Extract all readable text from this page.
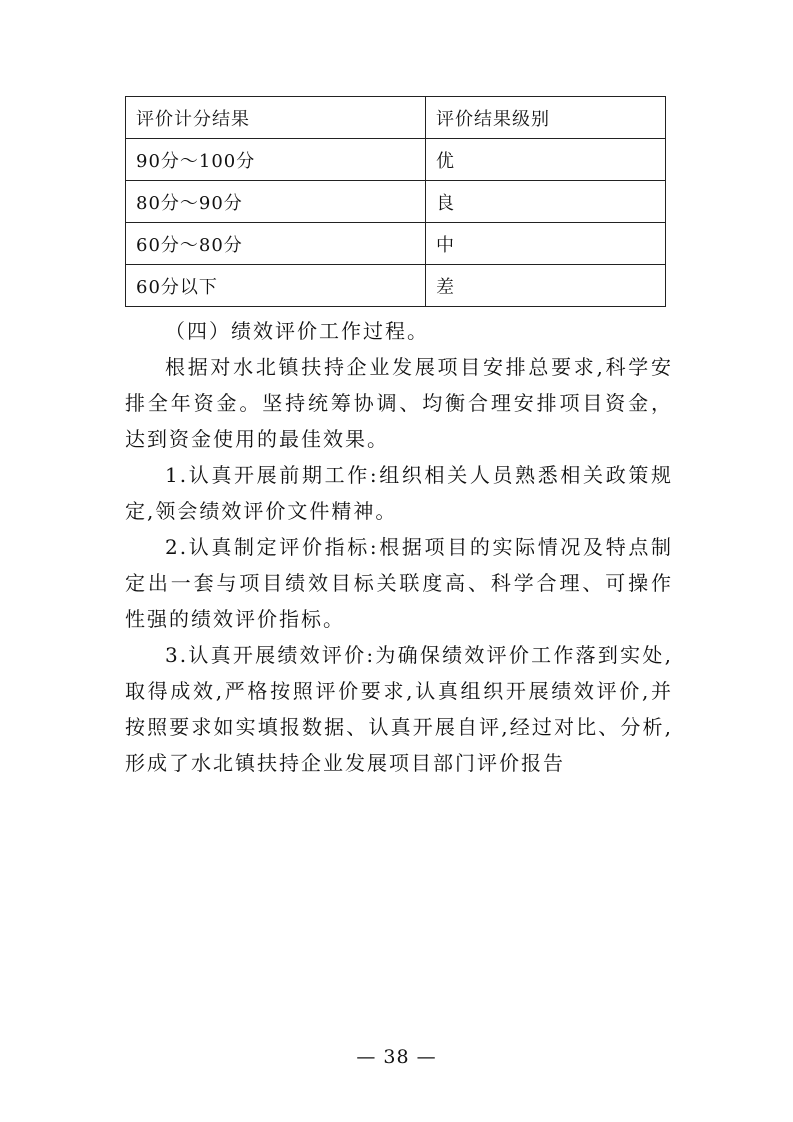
评价计分结果	评价结果级别
90分～100分	优
80分～90分	良
60分～80分	中
60分以下	差

（四）绩效评价工作过程。

根据对水北镇扶持企业发展项目安排总要求,科学安排全年资金。坚持统筹协调、均衡合理安排项目资金，达到资金使用的最佳效果。

1.认真开展前期工作:组织相关人员熟悉相关政策规定,领会绩效评价文件精神。

2.认真制定评价指标:根据项目的实际情况及特点制定出一套与项目绩效目标关联度高、科学合理、可操作性强的绩效评价指标。

3.认真开展绩效评价:为确保绩效评价工作落到实处,取得成效,严格按照评价要求,认真组织开展绩效评价,并按照要求如实填报数据、认真开展自评,经过对比、分析,形成了水北镇扶持企业发展项目部门评价报告

— 38 —
